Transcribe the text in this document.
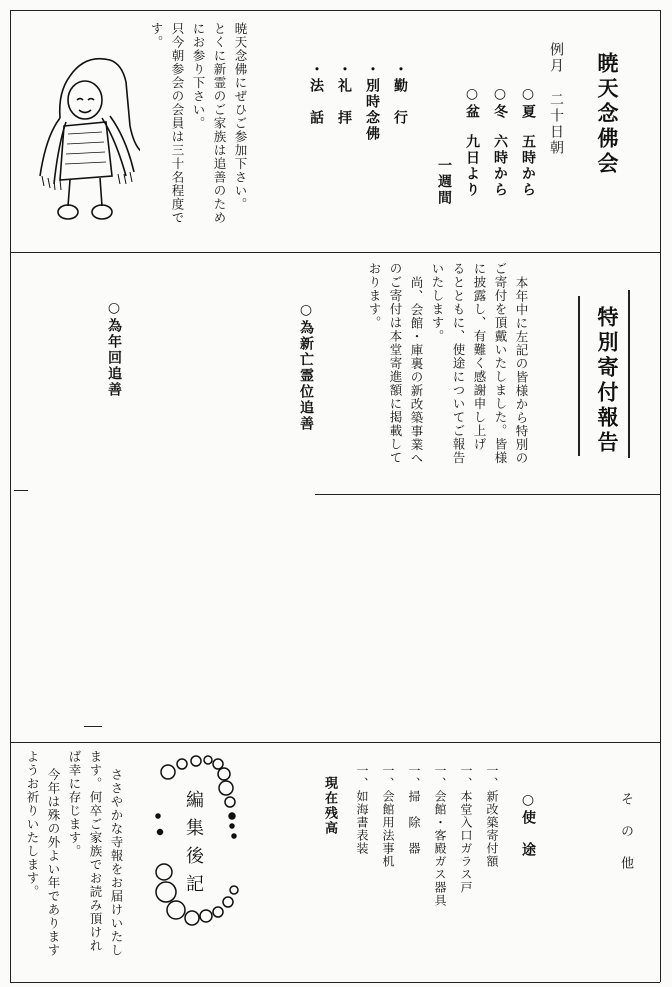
暁天念佛会
例月
二十日朝
○夏
五時から
○冬
六時から
○盆
九日より
一週間
・勤　行
・別時念佛
・礼　拝
・法　話

暁天念佛にぜひご参加下さい。

とくに新霊のご家族は追善のため

にお参り下さい。

只今朝参会の会員は三十名程度で

す。

特別寄付報告

本年中に左記の皆様から特別の

ご寄付を頂戴いたしました。皆様

に披露し、有難く感謝申し上げ

るとともに、使途についてご報告

いたします。

尚、会館・庫裏の新改築事業へ

のご寄付は本堂寄進額に掲載して

おります。

○為新亡霊位追善
○為年回追善
そ の 他
○使　途
一、新改築寄付額
一、本堂入口ガラス戸
一、会館・客殿ガス器具
一、掃　除　器
一、会館用法事机
一、如海書表装
現在残高
編集後記

ささやかな寺報をお届けいたし

ます。何卒ご家族でお読み頂けれ

ば幸に存じます。

今年は殊の外よい年であります

ようお祈りいたします。
